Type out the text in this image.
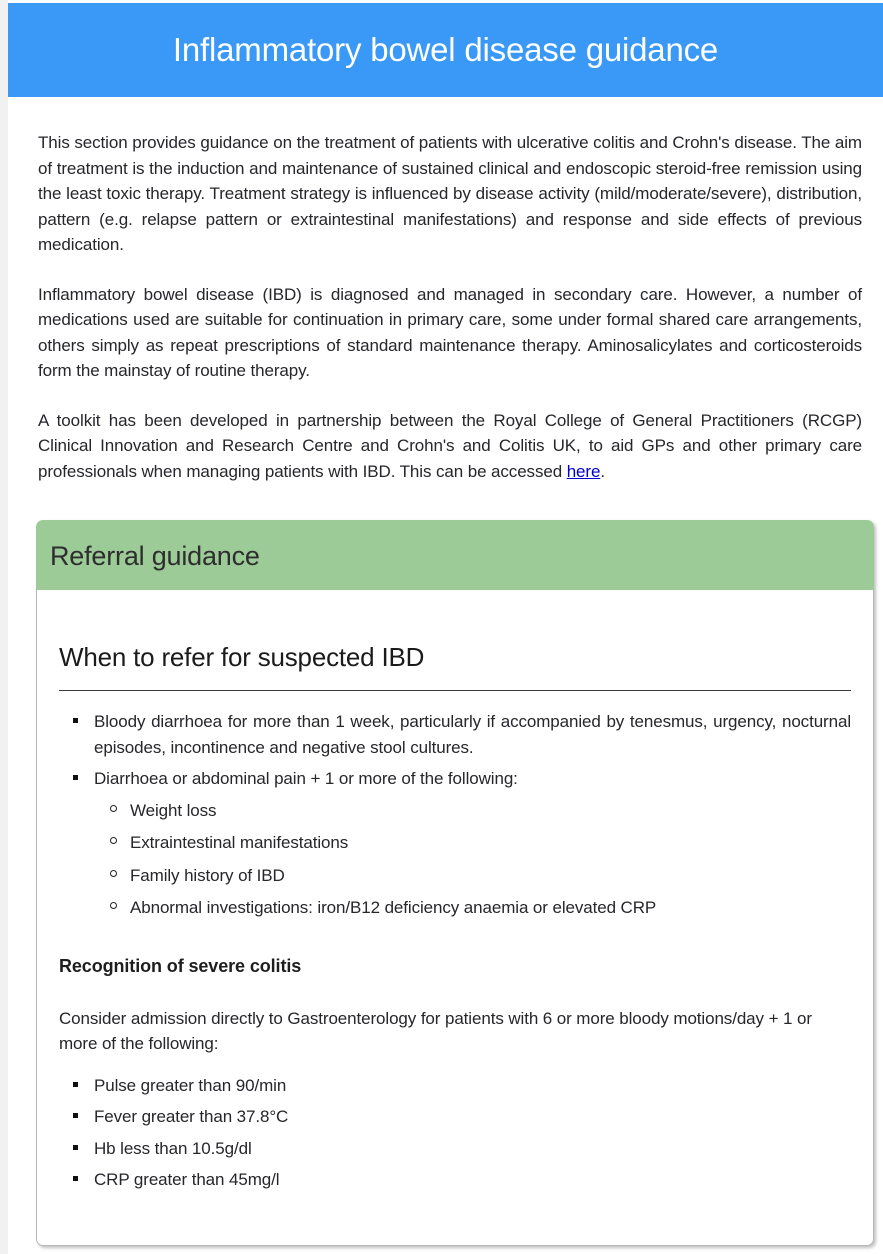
Inflammatory bowel disease guidance

This section provides guidance on the treatment of patients with ulcerative colitis and Crohn's disease. The aim of treatment is the induction and maintenance of sustained clinical and endoscopic steroid-free remission using the least toxic therapy. Treatment strategy is influenced by disease activity (mild/moderate/severe), distribution, pattern (e.g. relapse pattern or extraintestinal manifestations) and response and side effects of previous medication.

Inflammatory bowel disease (IBD) is diagnosed and managed in secondary care. However, a number of medications used are suitable for continuation in primary care, some under formal shared care arrangements, others simply as repeat prescriptions of standard maintenance therapy. Aminosalicylates and corticosteroids form the mainstay of routine therapy.

A toolkit has been developed in partnership between the Royal College of General Practitioners (RCGP) Clinical Innovation and Research Centre and Crohn's and Colitis UK, to aid GPs and other primary care professionals when managing patients with IBD. This can be accessed here.

Referral guidance
When to refer for suspected IBD
Bloody diarrhoea for more than 1 week, particularly if accompanied by tenesmus, urgency, nocturnal episodes, incontinence and negative stool cultures.
Diarrhoea or abdominal pain + 1 or more of the following:
Weight loss
Extraintestinal manifestations
Family history of IBD
Abnormal investigations: iron/B12 deficiency anaemia or elevated CRP

Recognition of severe colitis

Consider admission directly to Gastroenterology for patients with 6 or more bloody motions/day + 1 or more of the following:

Pulse greater than 90/min
Fever greater than 37.8°C
Hb less than 10.5g/dl
CRP greater than 45mg/l
